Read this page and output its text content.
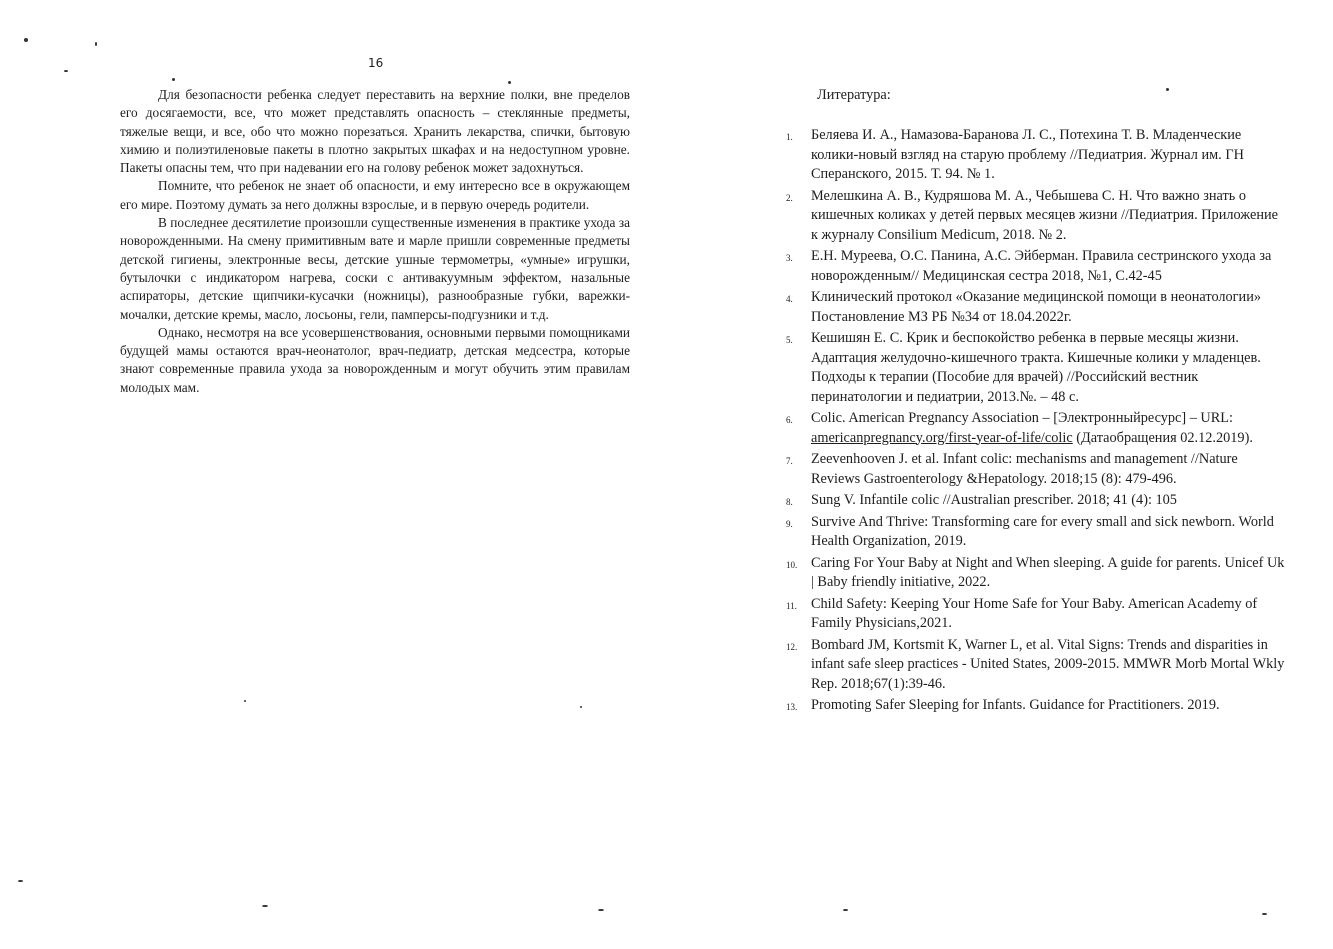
16

Для безопасности ребенка следует переставить на верхние полки, вне пределов его досягаемости, все, что может представлять опасность – стеклянные предметы, тяжелые вещи, и все, обо что можно порезаться. Хранить лекарства, спички, бытовую химию и полиэтиленовые пакеты в плотно закрытых шкафах и на недоступном уровне. Пакеты опасны тем, что при надевании его на голову ребенок может задохнуться.

Помните, что ребенок не знает об опасности, и ему интересно все в окружающем его мире. Поэтому думать за него должны взрослые, и в первую очередь родители.

В последнее десятилетие произошли существенные изменения в практике ухода за новорожденными. На смену примитивным вате и марле пришли современные предметы детской гигиены, электронные весы, детские ушные термометры, «умные» игрушки, бутылочки с индикатором нагрева, соски с антивакуумным эффектом, назальные аспираторы, детские щипчики-кусачки (ножницы), разнообразные губки, варежки-мочалки, детские кремы, масло, лосьоны, гели, памперсы-подгузники и т.д.

Однако, несмотря на все усовершенствования, основными первыми помощниками будущей мамы остаются врач-неонатолог, врач-педиатр, детская медсестра, которые знают современные правила ухода за новорожденным и могут обучить этим правилам молодых мам.

Литература:
1.	Беляева И. А., Намазова-Баранова Л. С., Потехина Т. В. Младенческие колики-новый взгляд на старую проблему //Педиатрия. Журнал им. ГН Сперанского, 2015. Т. 94. № 1.
2.	Мелешкина А. В., Кудряшова М. А., Чебышева С. Н. Что важно знать о кишечных коликах у детей первых месяцев жизни //Педиатрия. Приложение к журналу Consilium Medicum, 2018. № 2.
3.	Е.Н. Муреева, О.С. Панина, А.С. Эйберман. Правила сестринского ухода за новорожденным// Медицинская сестра 2018, №1, С.42-45
4.	Клинический протокол «Оказание медицинской помощи в неонатологии» Постановление МЗ РБ №34 от 18.04.2022г.
5.	Кешишян Е. С. Крик и беспокойство ребенка в первые месяцы жизни. Адаптация желудочно-кишечного тракта. Кишечные колики у младенцев. Подходы к терапии (Пособие для врачей) //Российский вестник перинатологии и педиатрии, 2013.№. – 48 с.
6.	Colic. American Pregnancy Association – [Электронныйресурс] – URL: americanpregnancy.org/first-year-of-life/colic (Датаобращения 02.12.2019).
7.	Zeevenhooven J. et al. Infant colic: mechanisms and management //Nature Reviews Gastroenterology &Hepatology. 2018;15 (8): 479-496.
8.	Sung V. Infantile colic //Australian prescriber. 2018; 41 (4): 105
9.	Survive And Thrive: Transforming care for every small and sick newborn. World Health Organization, 2019.
10. Caring For Your Baby at Night and When sleeping. A guide for parents. Unicef Uk | Baby friendly initiative, 2022.
11. Child Safety: Keeping Your Home Safe for Your Baby. American Academy of Family Physicians,2021.
12. Bombard JM, Kortsmit K, Warner L, et al. Vital Signs: Trends and disparities in infant safe sleep practices - United States, 2009-2015. MMWR Morb Mortal Wkly Rep. 2018;67(1):39-46.
13. Promoting Safer Sleeping for Infants. Guidance for Practitioners. 2019.
